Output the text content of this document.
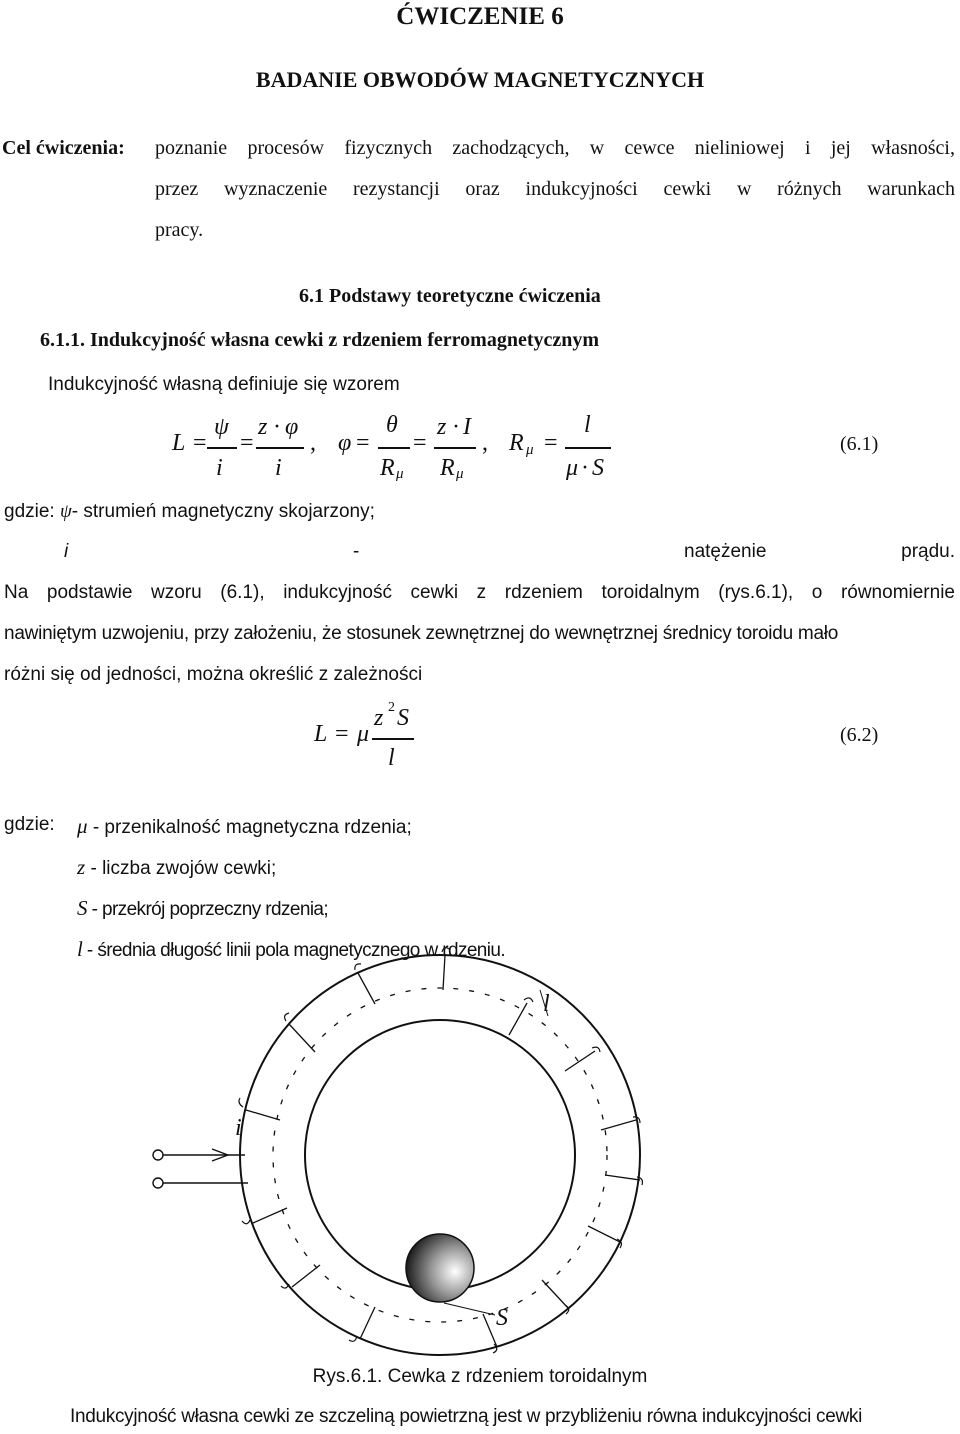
ĆWICZENIE 6
BADANIE OBWODÓW MAGNETYCZNYCH
Cel ćwiczenia: poznanie procesów fizycznych zachodzących, w cewce nieliniowej i jej własności,
przez wyznaczenie rezystancji oraz indukcyjności cewki w różnych warunkach
pracy.
6.1 Podstawy teoretyczne ćwiczenia
6.1.1. Indukcyjność własna cewki z rdzeniem ferromagnetycznym
Indukcyjność własną definiuje się wzorem
L =
ψ
i
=
z · φ
i
, φ =
θ
R μ
=
z · I
R μ
, R μ =
l
μ · S
(6.1)
gdzie: ψ- strumień magnetyczny skojarzony;
i	-	natężenie	prądu.
Na podstawie wzoru (6.1), indukcyjność cewki z rdzeniem toroidalnym (rys.6.1), o równomiernie
nawiniętym uzwojeniu, przy założeniu, że stosunek zewnętrznej do wewnętrznej średnicy toroidu mało
różni się od jedności, można określić z zależności
L = μ
z 2 S
l
(6.2)
gdzie: μ - przenikalność magnetyczna rdzenia;
z - liczba zwojów cewki;
S - przekrój poprzeczny rdzenia;
l - średnia długość linii pola magnetycznego w rdzeniu.
l
i
S
Rys.6.1. Cewka z rdzeniem toroidalnym
Indukcyjność własna cewki ze szczeliną powietrzną jest w przybliżeniu równa indukcyjności cewki
